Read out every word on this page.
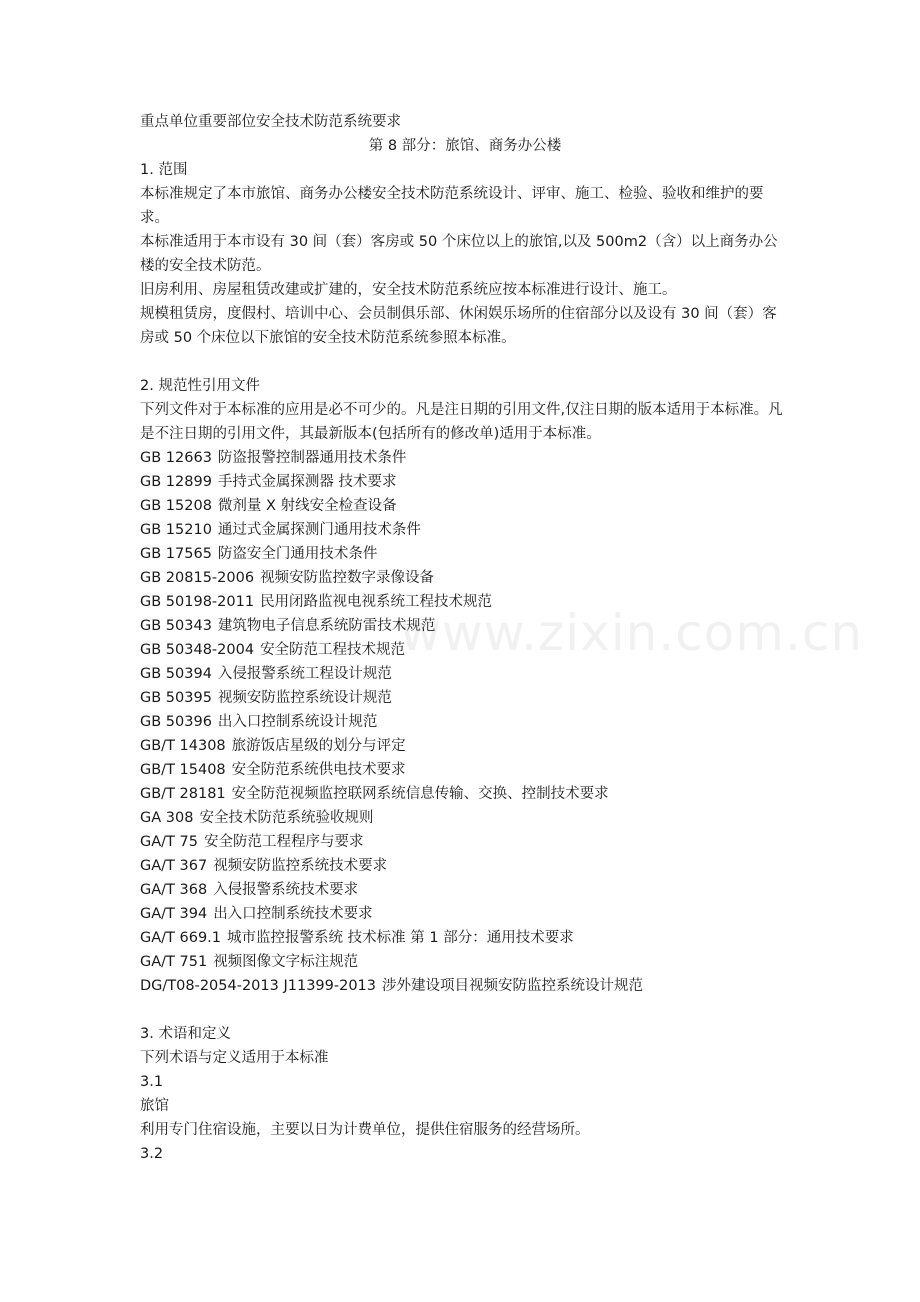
www.zixin.com.cn
重点单位重要部位安全技术防范系统要求
第 8 部分：旅馆、商务办公楼
1. 范围
本标准规定了本市旅馆、商务办公楼安全技术防范系统设计、评审、施工、检验、验收和维护的要求。
本标准适用于本市设有 30 间（套）客房或 50 个床位以上的旅馆,以及 500m2（含）以上商务办公楼的安全技术防范。
旧房利用、房屋租赁改建或扩建的，安全技术防范系统应按本标准进行设计、施工。
规模租赁房，度假村、培训中心、会员制俱乐部、休闲娱乐场所的住宿部分以及设有 30 间（套）客房或 50 个床位以下旅馆的安全技术防范系统参照本标准。
2. 规范性引用文件
下列文件对于本标准的应用是必不可少的。凡是注日期的引用文件,仅注日期的版本适用于本标准。凡是不注日期的引用文件，其最新版本(包括所有的修改单)适用于本标准。
GB 12663 防盗报警控制器通用技术条件
GB 12899 手持式金属探测器 技术要求
GB 15208 微剂量 X 射线安全检查设备
GB 15210 通过式金属探测门通用技术条件
GB 17565 防盗安全门通用技术条件
GB 20815-2006 视频安防监控数字录像设备
GB 50198-2011 民用闭路监视电视系统工程技术规范
GB 50343 建筑物电子信息系统防雷技术规范
GB 50348-2004 安全防范工程技术规范
GB 50394 入侵报警系统工程设计规范
GB 50395 视频安防监控系统设计规范
GB 50396 出入口控制系统设计规范
GB/T 14308 旅游饭店星级的划分与评定
GB/T 15408 安全防范系统供电技术要求
GB/T 28181 安全防范视频监控联网系统信息传输、交换、控制技术要求
GA 308 安全技术防范系统验收规则
GA/T 75 安全防范工程程序与要求
GA/T 367 视频安防监控系统技术要求
GA/T 368 入侵报警系统技术要求
GA/T 394 出入口控制系统技术要求
GA/T 669.1 城市监控报警系统 技术标准 第 1 部分：通用技术要求
GA/T 751 视频图像文字标注规范
DG/T08-2054-2013 J11399-2013 涉外建设项目视频安防监控系统设计规范
3. 术语和定义
下列术语与定义适用于本标准
3.1
旅馆
利用专门住宿设施，主要以日为计费单位，提供住宿服务的经营场所。
3.2
